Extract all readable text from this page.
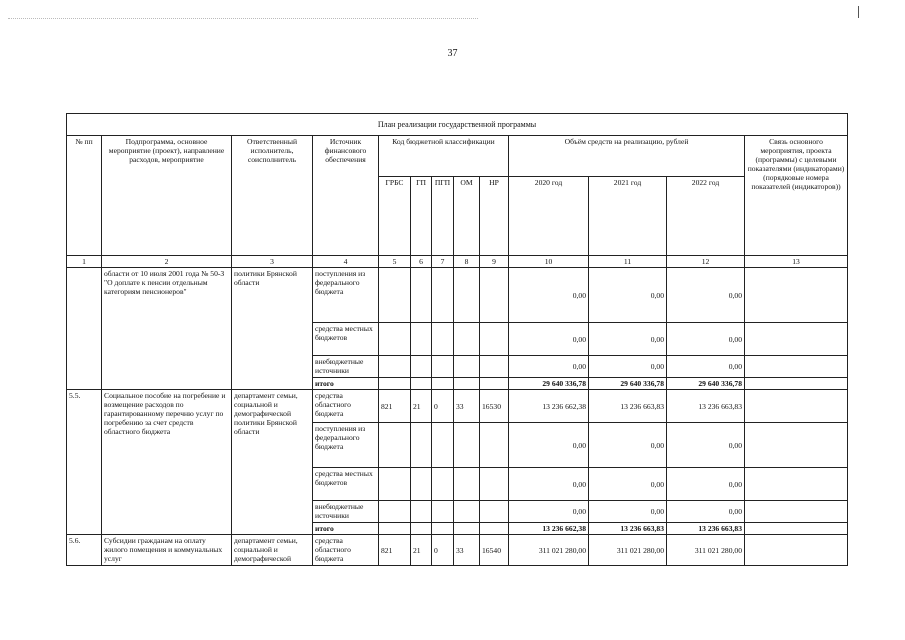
37
План реализации государственной программы												
№ пп	Подпрограмма, основное мероприятие (проект), направление расходов, мероприятие	Ответственный исполнитель, соисполнитель	Источник финансового обеспечения	Код бюджетной классификации					Объём средств на реализацию, рублей			Связь основного мероприятия, проекта (программы) с целевыми показателями (индикаторами) (порядковые номера показателей (индикаторов))
				ГРБС	ГП	ПГП	ОМ	НР	2020 год	2021 год	2022 год	
1	2	3	4	5	6	7	8	9	10	11	12	13
	области от 10 июля 2001 года № 50-З "О доплате к пенсии отдельным категориям пенсионеров"	политики Брянской области	поступления из федерального бюджета						0,00	0,00	0,00	
			средства местных бюджетов						0,00	0,00	0,00	
			внебюджетные источники						0,00	0,00	0,00	
			итого						29 640 336,78	29 640 336,78	29 640 336,78	
5.5.	Социальное пособие на погребение и возмещение расходов по гарантированному перечню услуг по погребению за счет средств областного бюджета	департамент семьи, социальной и демографической политики Брянской области	средства областного бюджета	821	21	0	33	16530	13 236 662,38	13 236 663,83	13 236 663,83	
			поступления из федерального бюджета						0,00	0,00	0,00	
			средства местных бюджетов						0,00	0,00	0,00	
			внебюджетные источники						0,00	0,00	0,00	
			итого						13 236 662,38	13 236 663,83	13 236 663,83	
5.6.	Субсидии гражданам на оплату жилого помещения и коммунальных услуг	департамент семьи, социальной и демографической	средства областного бюджета	821	21	0	33	16540	311 021 280,00	311 021 280,00	311 021 280,00	
